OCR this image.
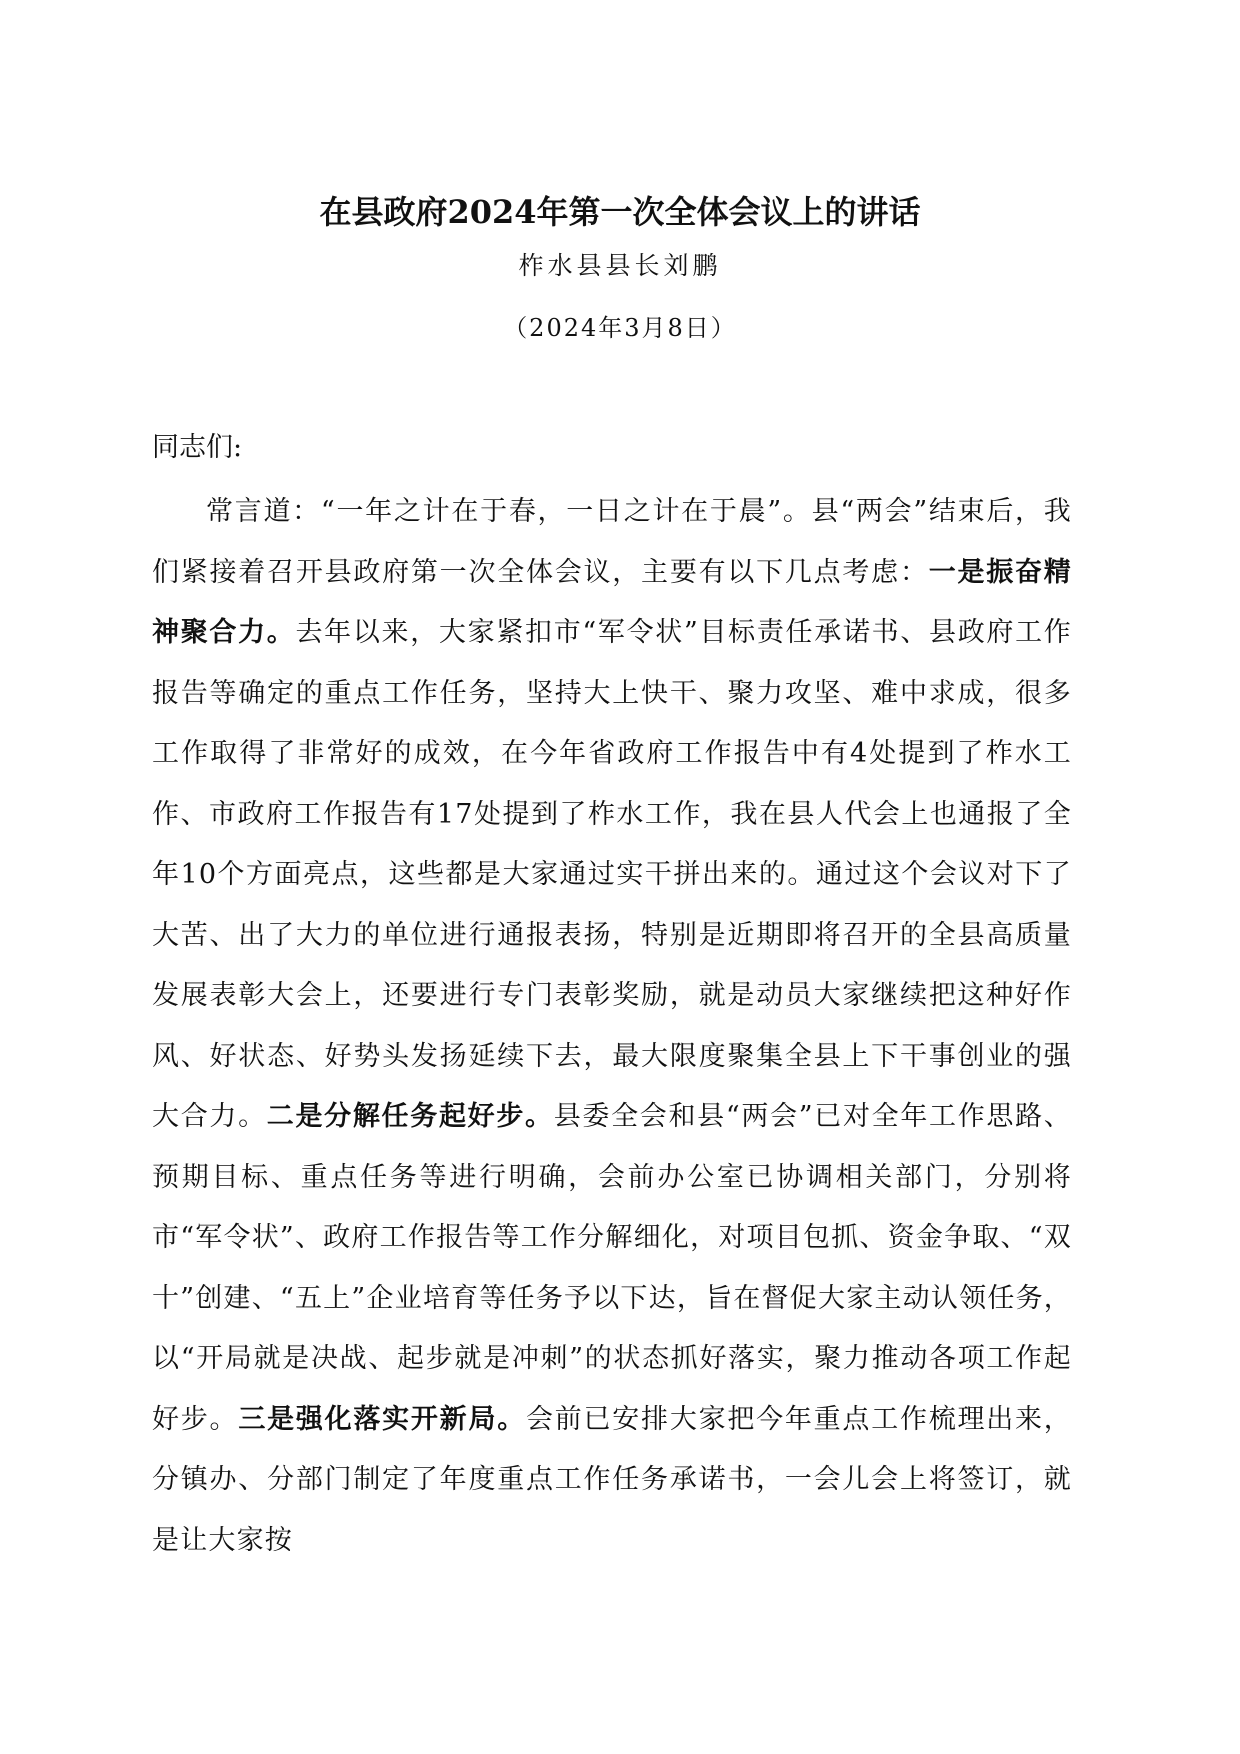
在县政府2024年第一次全体会议上的讲话
柞水县县长刘鹏
（2024年3月8日）
同志们:

常言道：“一年之计在于春，一日之计在于晨”。县“两会”结束后，我们紧接着召开县政府第一次全体会议，主要有以下几点考虑：一是振奋精神聚合力。去年以来，大家紧扣市“军令状”目标责任承诺书、县政府工作报告等确定的重点工作任务，坚持大上快干、聚力攻坚、难中求成，很多工作取得了非常好的成效，在今年省政府工作报告中有4处提到了柞水工作、市政府工作报告有17处提到了柞水工作，我在县人代会上也通报了全年10个方面亮点，这些都是大家通过实干拼出来的。通过这个会议对下了大苦、出了大力的单位进行通报表扬，特别是近期即将召开的全县高质量发展表彰大会上，还要进行专门表彰奖励，就是动员大家继续把这种好作风、好状态、好势头发扬延续下去，最大限度聚集全县上下干事创业的强大合力。二是分解任务起好步。县委全会和县“两会”已对全年工作思路、预期目标、重点任务等进行明确，会前办公室已协调相关部门，分别将市“军令状”、政府工作报告等工作分解细化，对项目包抓、资金争取、“双十”创建、“五上”企业培育等任务予以下达，旨在督促大家主动认领任务，以“开局就是决战、起步就是冲刺”的状态抓好落实，聚力推动各项工作起好步。三是强化落实开新局。会前已安排大家把今年重点工作梳理出来，分镇办、分部门制定了年度重点工作任务承诺书，一会儿会上将签订，就是让大家按
